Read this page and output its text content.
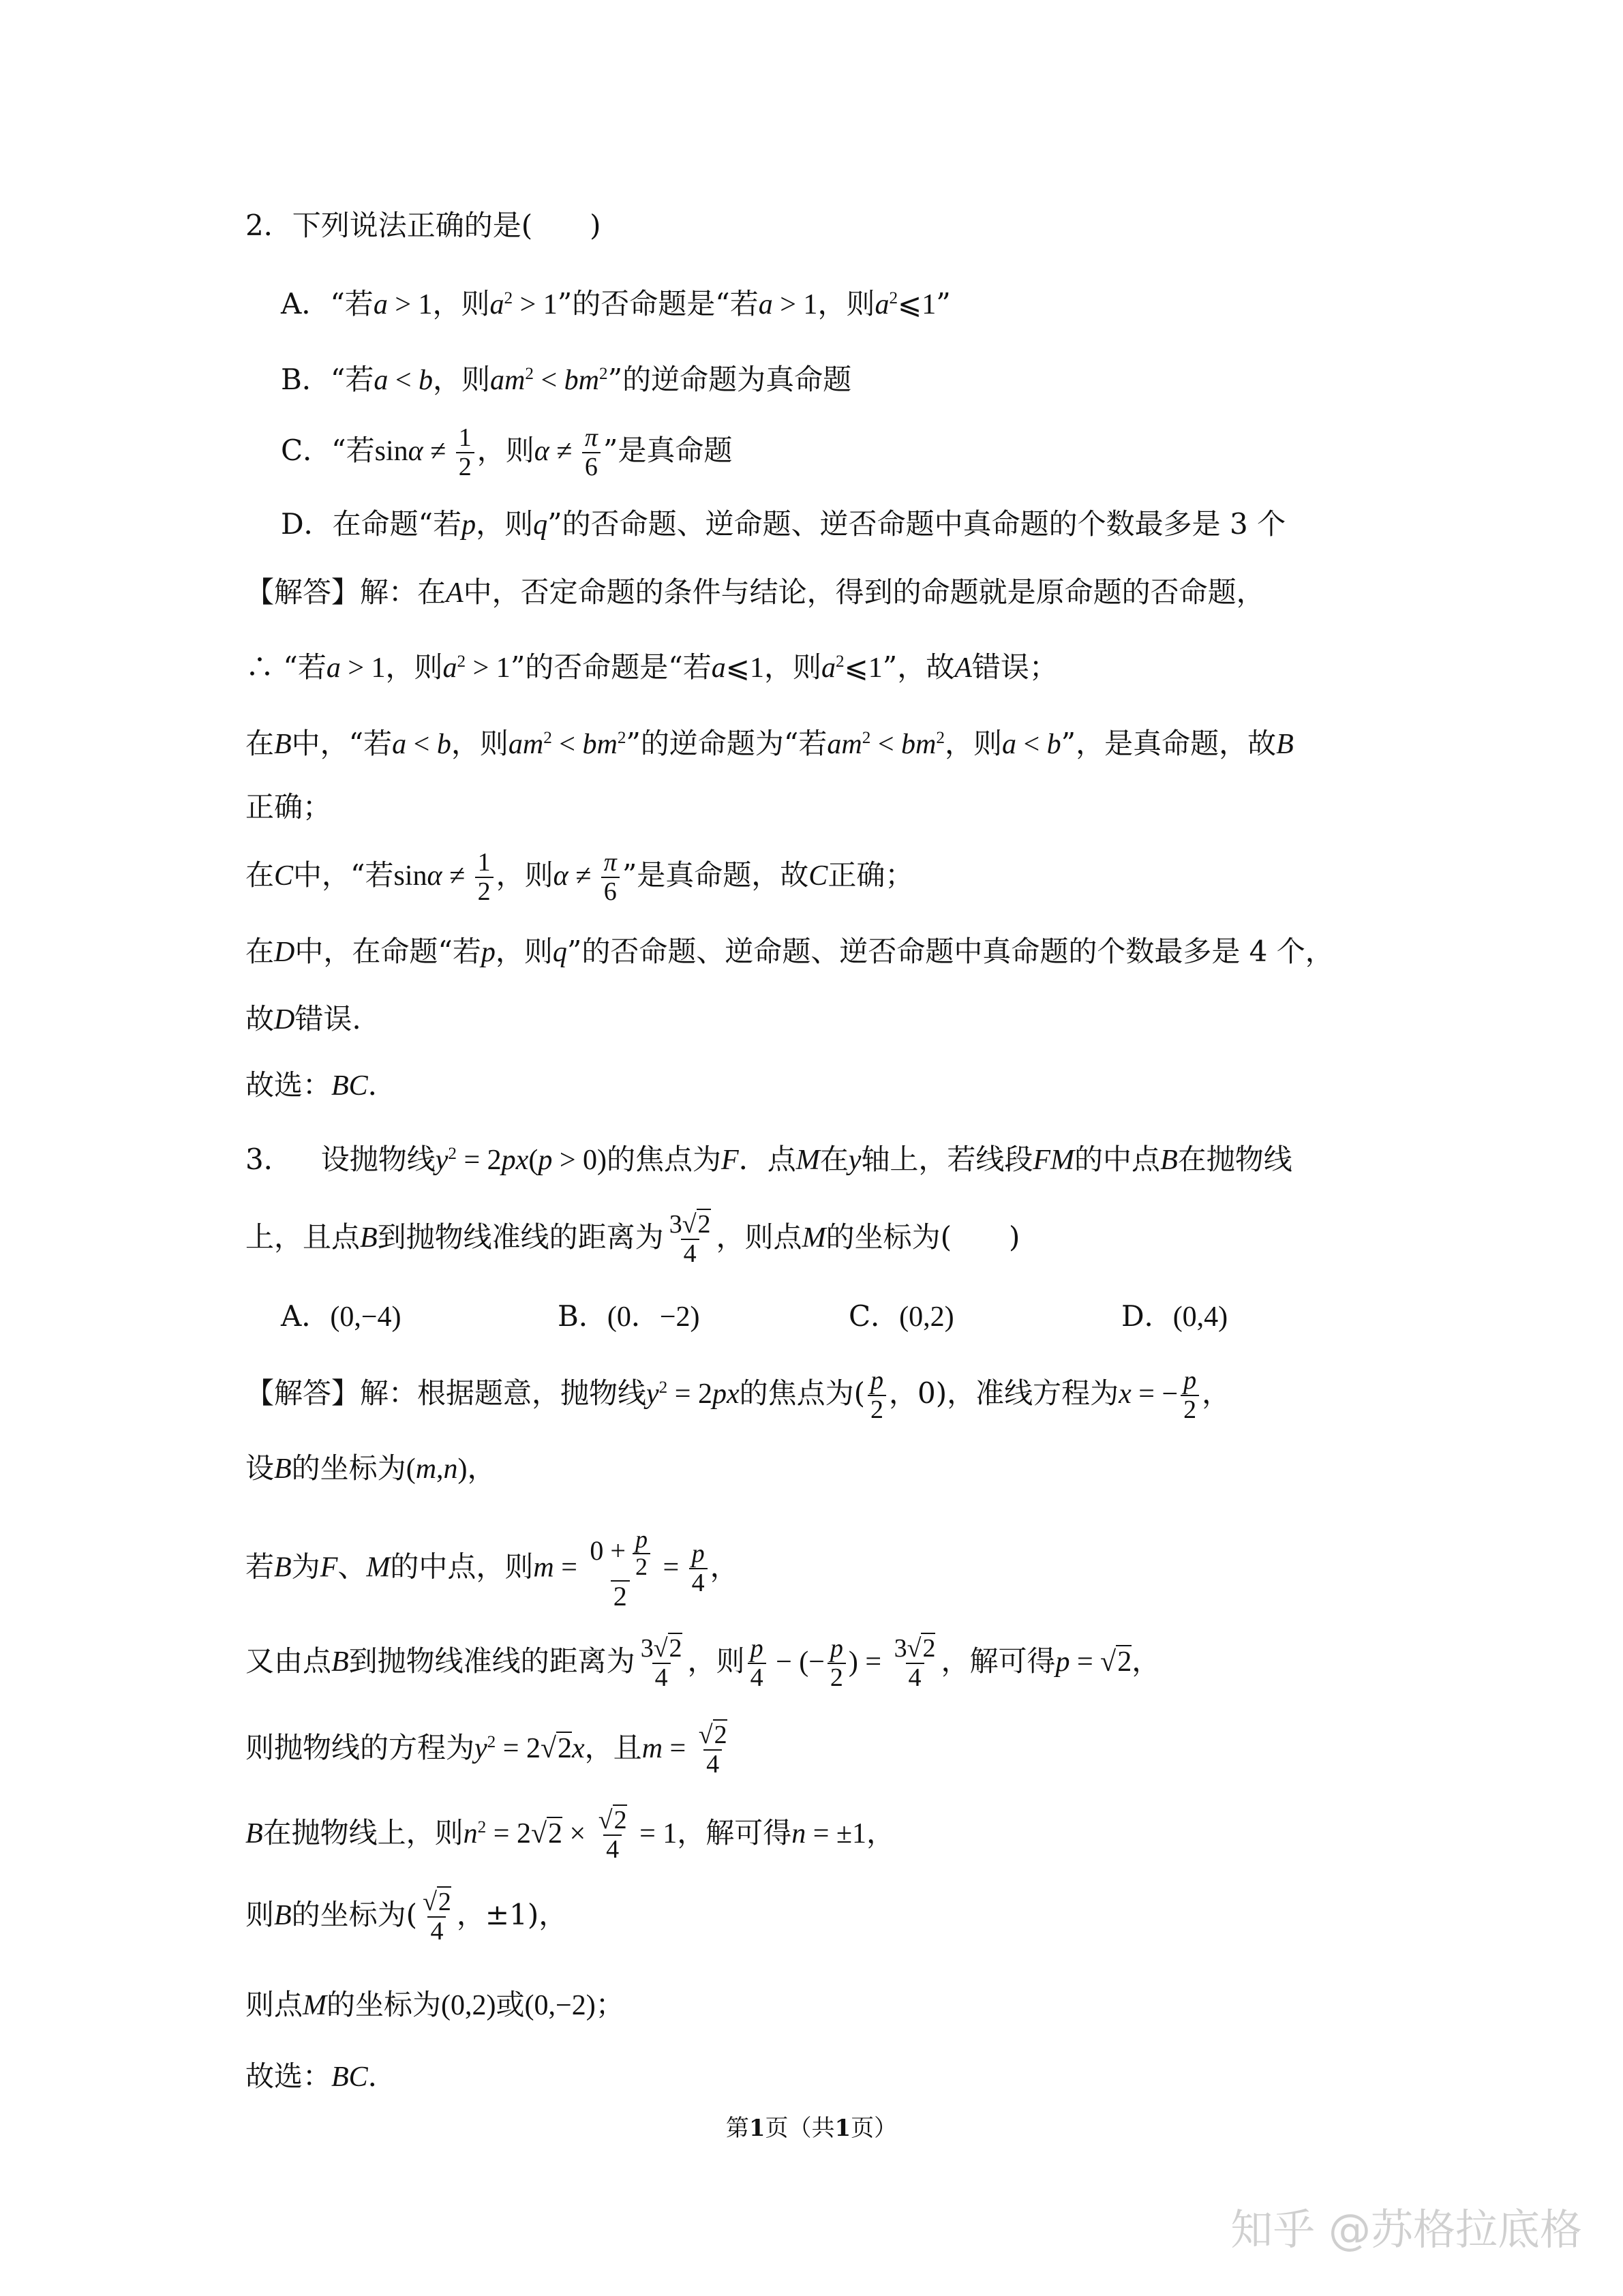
2．下列说法正确的是(  )
A．“若a > 1，则$a^2 > 1$”的否命题是“若a > 1，则$a^2⩽1$”
B．“若a < b，则$am^2 < bm^2$”的逆命题为真命题
C．“若$\sin\alpha \ne \frac{1}{2}$ ，则$\alpha \ne \frac{\pi}{6}$ ”是真命题
D．在命题“若p，则q”的否命题、逆命题、逆否命题中真命题的个数最多是 3 个
【解答】解：在A中，否定命题的条件与结论，得到的命题就是原命题的否命题，
∴ “若a > 1，则$a^2 > 1$”的否命题是“若a⩽1，则$a^2⩽1$”，故A错误；
在B中，“若a < b，则$am^2 < bm^2$”的逆命题为“若$am^2 < bm^2$，则a < b”，是真命题，故B
正确；
在C中，“若$\sin\alpha \ne \frac{1}{2}$ ，则$\alpha \ne \frac{\pi}{6}$ ”是真命题，故C正确；
在D中，在命题“若p，则q”的否命题、逆命题、逆否命题中真命题的个数最多是 4 个，
故D错误.
故选：BC．
3． 设抛物线$y^2 = 2px(p > 0)$的焦点为F．点M在y轴上，若线段FM的中点B在抛物线
上，且点B到抛物线准线的距离为 $\frac{3√2}{4}$ ，则点M的坐标为(  )
A．(0,−4)	B．(0．−2)	C．(0,2)	D．(0,4)
【解答】解：根据题意，抛物线$y^2 = 2px$的焦点为( $\frac{p}{2}$ ，0)，准线方程为x = − $\frac{p}{2}$ ，
设B的坐标为(m,n)，
若B为F、M的中点，则$m = \frac{0 + \frac{p}{2}}{2} = \frac{p}{4}$ ，
又由点B到抛物线准线的距离为 $\frac{3√2}{4}$ ，则 $\frac{p}{4}$ − (− $\frac{p}{2}$ ) = $\frac{3√2}{4}$ ，解可得p = √2，
则抛物线的方程为$y^2 = 2√2x$，且$m = \frac{√2}{4}$
B在抛物线上，则$n^2 = 2√2 \times \frac{√2}{4} = 1$，解可得n = ±1，
则B的坐标为( $\frac{√2}{4}$ ，±1)，
则点M的坐标为(0,2)或(0,−2)；
故选：BC．
第1页（共1页）
知乎 @苏格拉底格
